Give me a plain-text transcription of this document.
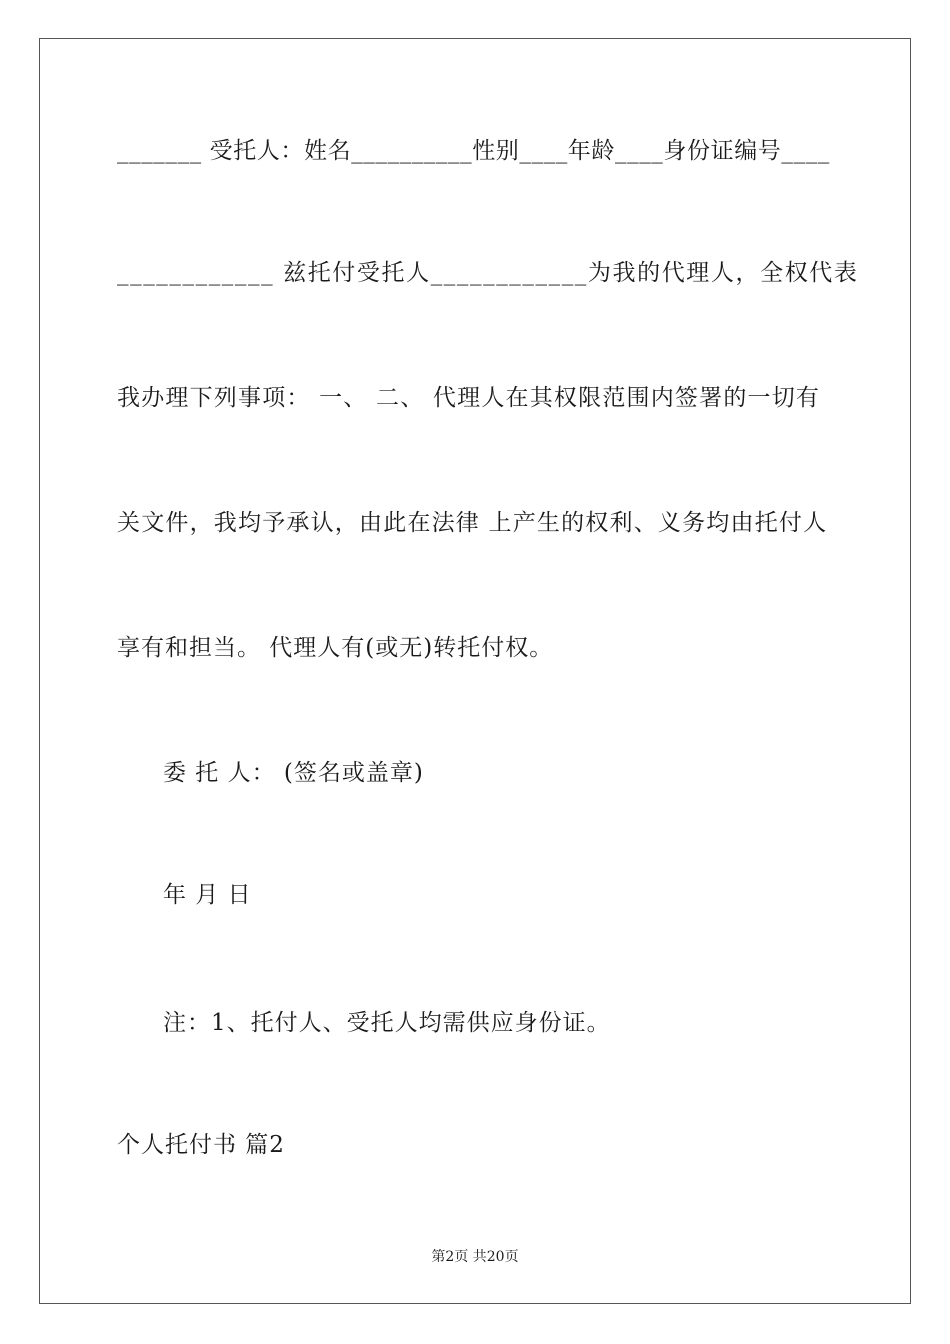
_______ 受托人：姓名__________性别____年龄____身份证编号____
____________ 兹托付受托人____________为我的代理人，全权代表
我办理下列事项： 一、 二、 代理人在其权限范围内签署的一切有
关文件，我均予承认，由此在法律 上产生的权利、义务均由托付人
享有和担当。 代理人有(或无)转托付权。
委 托 人： (签名或盖章)
年 月 日
注：1、托付人、受托人均需供应身份证。
个人托付书 篇2
第2页 共20页
